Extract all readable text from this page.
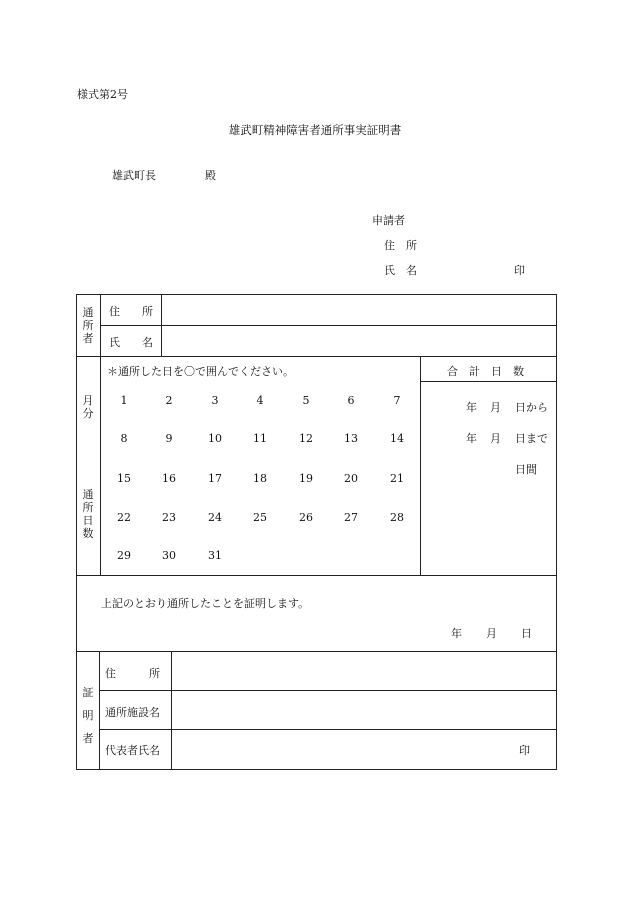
様式第2号
雄武町精神障害者通所事実証明書
雄武町長	殿
申請者
住　所
氏　名	印
通所者
住　　所
氏　　名
月分
通所日数
＊通所した日を〇で囲んでください。	合　計　日　数
1	2	3	4	5	6	7
8	9	10	11	12	13	14
15	16	17	18	19	20	21
22	23	24	25	26	27	28
29	30	31
年 月 日から
年 月 日まで
日間
上記のとおり通所したことを証明します。
年 月 日
証明者
住　　　所
通所施設名
代表者氏名	印
